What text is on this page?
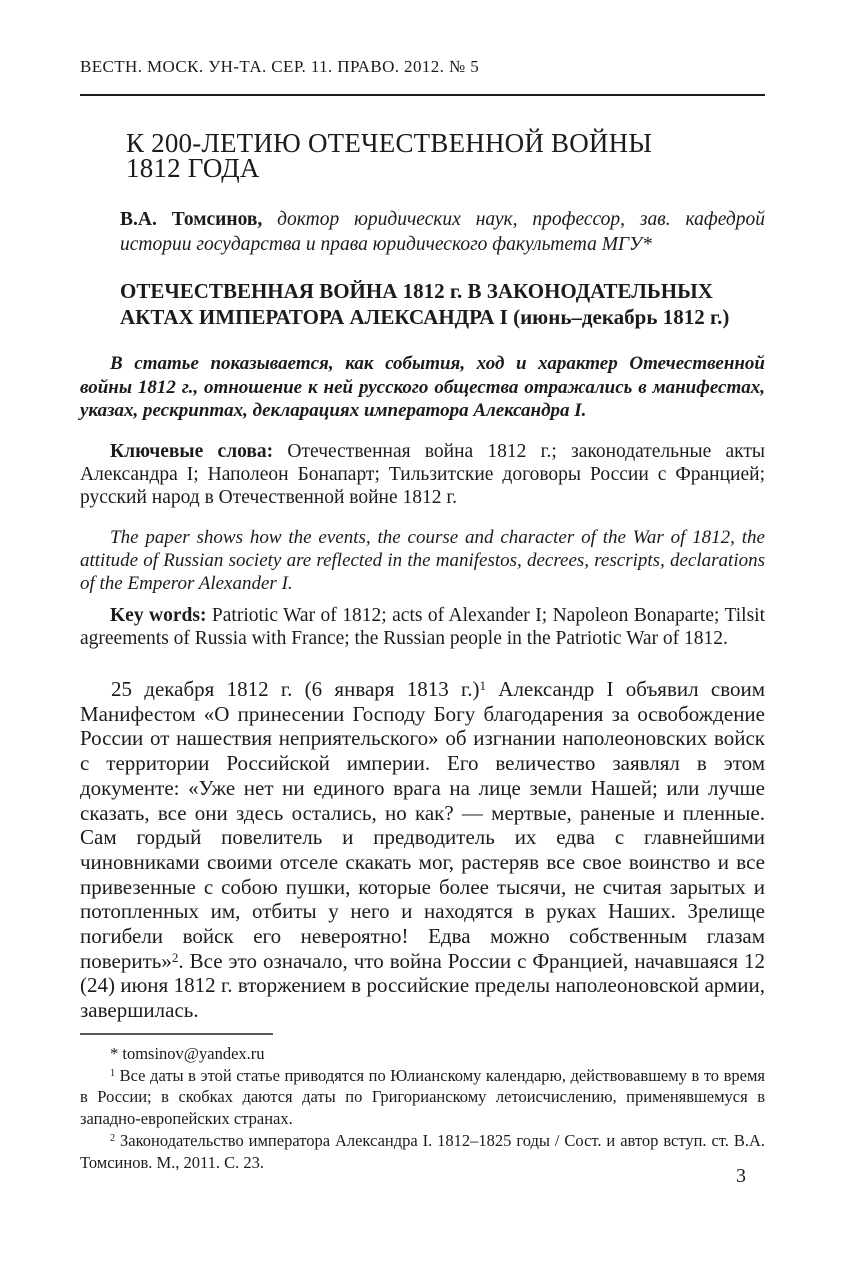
ВЕСТН. МОСК. УН-ТА. СЕР. 11. ПРАВО. 2012. № 5
К 200-ЛЕТИЮ ОТЕЧЕСТВЕННОЙ ВОЙНЫ
1812 ГОДА

В.А. Томсинов, доктор юридических наук, профессор, зав. кафедрой истории государства и права юридического факультета МГУ*

ОТЕЧЕСТВЕННАЯ ВОЙНА 1812 г. В ЗАКОНОДАТЕЛЬНЫХ
АКТАХ ИМПЕРАТОРА АЛЕКСАНДРА I (июнь–декабрь 1812 г.)

В статье показывается, как события, ход и характер Отечественной войны 1812 г., отношение к ней русского общества отражались в манифестах, указах, рескриптах, декларациях императора Александра I.

Ключевые слова: Отечественная война 1812 г.; законодательные акты Александра I; Наполеон Бонапарт; Тильзитские договоры России с Францией; русский народ в Отечественной войне 1812 г.

The paper shows how the events, the course and character of the War of 1812, the attitude of Russian society are reflected in the manifestos, decrees, rescripts, declarations of the Emperor Alexander I.

Key words: Patriotic War of 1812; acts of Alexander I; Napoleon Bonaparte; Tilsit agreements of Russia with France; the Russian people in the Patriotic War of 1812.

25 декабря 1812 г. (6 января 1813 г.)$^1$ Александр I объявил своим Манифестом «О принесении Господу Богу благодарения за освобождение России от нашествия неприятельского» об изгнании наполеоновских войск с территории Российской империи. Его величество заявлял в этом документе: «Уже нет ни единого врага на лице земли Нашей; или лучше сказать, все они здесь остались, но как? — мертвые, раненые и пленные. Сам гордый повелитель и предводитель их едва с главнейшими чиновниками своими отселе скакать мог, растеряв все свое воинство и все привезенные с собою пушки, которые более тысячи, не считая зарытых и потопленных им, отбиты у него и находятся в руках Наших. Зрелище погибели войск его невероятно! Едва можно собственным глазам поверить»$^2$. Все это означало, что война России с Францией, начавшаяся 12 (24) июня 1812 г. вторжением в российские пределы наполеоновской армии, завершилась.

* tomsinov@yandex.ru

$^1$ Все даты в этой статье приводятся по Юлианскому календарю, действовавшему в то время в России; в скобках даются даты по Григорианскому летоисчислению, применявшемуся в западно-европейских странах.

$^2$ Законодательство императора Александра I. 1812–1825 годы / Сост. и автор вступ. ст. В.А. Томсинов. М., 2011. С. 23.

3
